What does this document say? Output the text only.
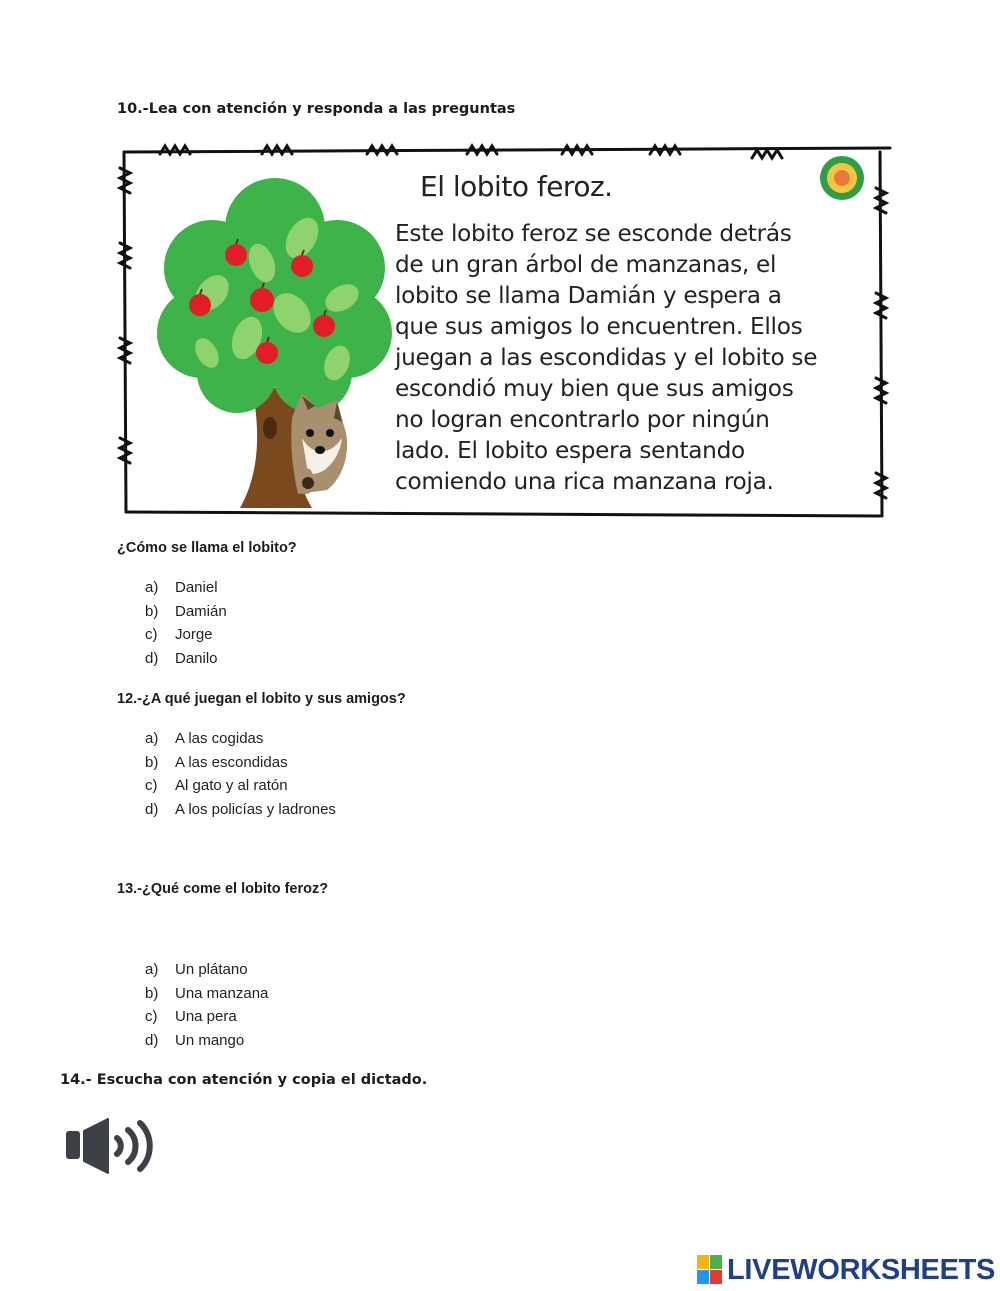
10.-Lea con atención y responda a las preguntas
El lobito feroz.
Este lobito feroz se esconde detrás
de un gran árbol de manzanas, el
lobito se llama Damián y espera a
que sus amigos lo encuentren. Ellos
juegan a las escondidas y el lobito se
escondió muy bien que sus amigos
no logran encontrarlo por ningún
lado. El lobito espera sentando
comiendo una rica manzana roja.
¿Cómo se llama el lobito?
a) Daniel
b) Damián
c) Jorge
d) Danilo
12.-¿A qué juegan el lobito y sus amigos?
a) A las cogidas
b) A las escondidas
c) Al gato y al ratón
d) A los policías y ladrones
13.-¿Qué come el lobito feroz?
a) Un plátano
b) Una manzana
c) Una pera
d) Un mango
14.- Escucha con atención y copia el dictado.
LIVEWORKSHEETS
